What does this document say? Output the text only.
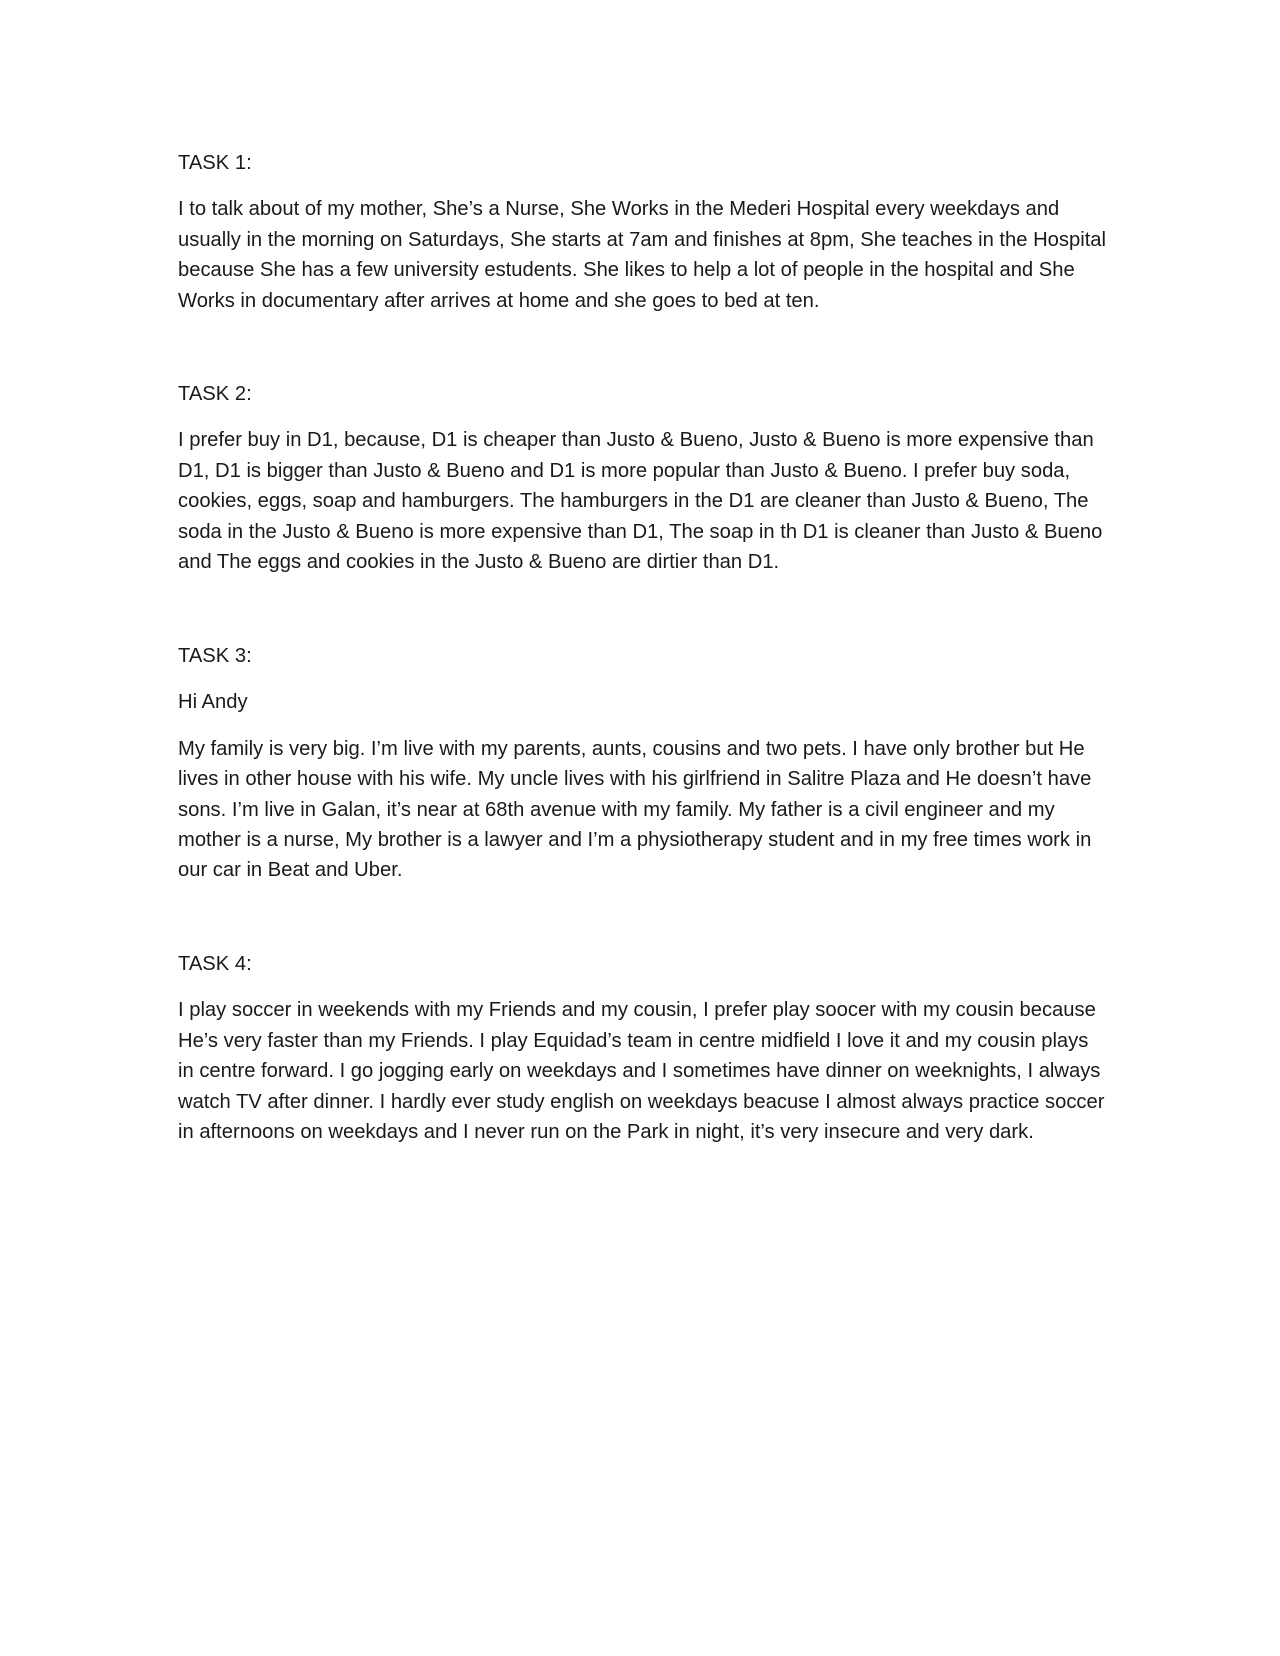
TASK 1:

I to talk about of my mother, She’s a Nurse, She Works in the Mederi Hospital every weekdays and usually in the morning on Saturdays, She starts at 7am and finishes at 8pm, She teaches in the Hospital because She has a few university estudents. She likes to help a lot of people in the hospital and She Works in documentary after arrives at home and she goes to bed at ten.

TASK 2:

I prefer buy in D1, because, D1 is cheaper than Justo & Bueno, Justo & Bueno is more expensive than D1, D1 is bigger than Justo & Bueno and D1 is more popular than Justo & Bueno. I prefer buy soda, cookies, eggs, soap and hamburgers. The hamburgers in the D1 are cleaner than Justo & Bueno, The soda in the Justo & Bueno is more expensive than D1, The soap in th D1 is cleaner than Justo & Bueno and The eggs and cookies in the Justo & Bueno are dirtier than D1.

TASK 3:

Hi Andy

My family is very big. I’m live with my parents, aunts, cousins and two pets. I have only brother but He lives in other house with his wife. My uncle lives with his girlfriend in Salitre Plaza and He doesn’t have sons. I’m live in Galan, it’s near at 68th avenue with my family. My father is a civil engineer and my mother is a nurse, My brother is a lawyer and I’m a physiotherapy student and in my free times work in our car in Beat and Uber.

TASK 4:

I play soccer in weekends with my Friends and my cousin, I prefer play soocer with my cousin because He’s very faster than my Friends. I play Equidad’s team in centre midfield I love it and my cousin plays in centre forward. I go jogging early on weekdays and I sometimes have dinner on weeknights, I always watch TV after dinner. I hardly ever study english on weekdays beacuse I almost always practice soccer in afternoons on weekdays and I never run on the Park in night, it’s very insecure and very dark.
